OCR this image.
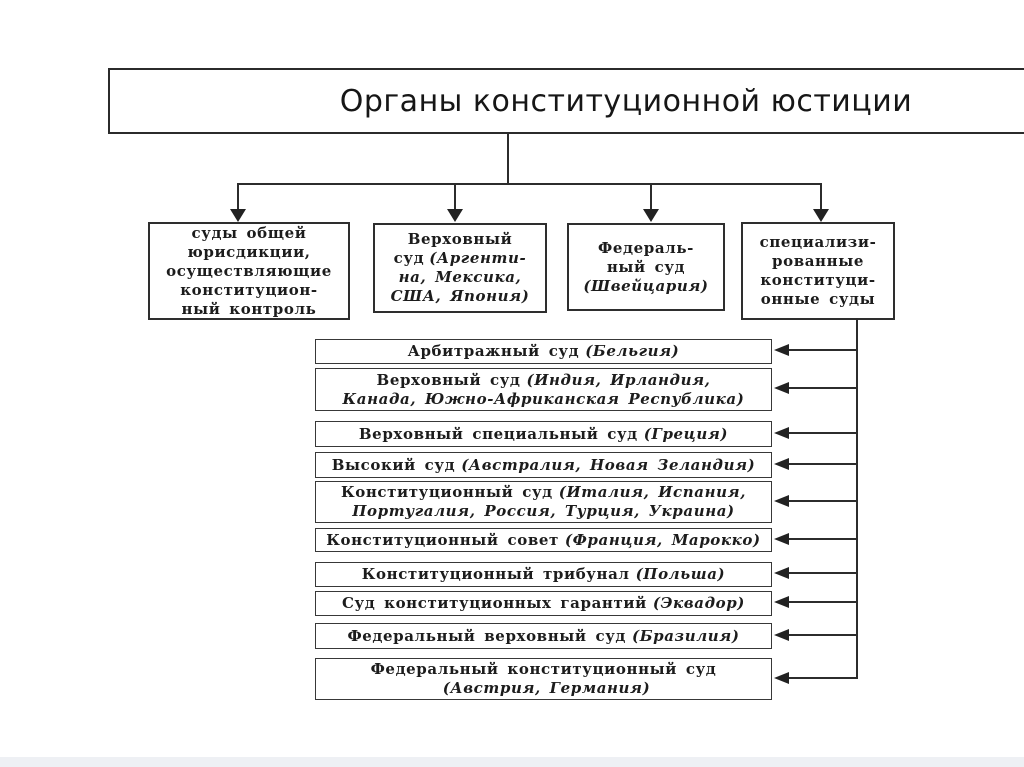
Органы конституционной юстиции
суды общей
юрисдикции,
осуществляющие
конституцион-
ный контроль
Верховный
суд (Аргенти-
на, Мексика,
США, Япония)
Федераль-
ный суд
(Швейцария)
специализи-
рованные
конституци-
онные суды
Арбитражный суд (Бельгия)
Верховный суд (Индия, Ирландия, Канада, Южно-Африканская Республика)
Верховный специальный суд (Греция)
Высокий суд (Австралия, Новая Зеландия)
Конституционный суд (Италия, Испания, Португалия, Россия, Турция, Украина)
Конституционный совет (Франция, Марокко)
Конституционный трибунал (Польша)
Суд конституционных гарантий (Эквадор)
Федеральный верховный суд (Бразилия)
Федеральный конституционный суд(Австрия, Германия)
